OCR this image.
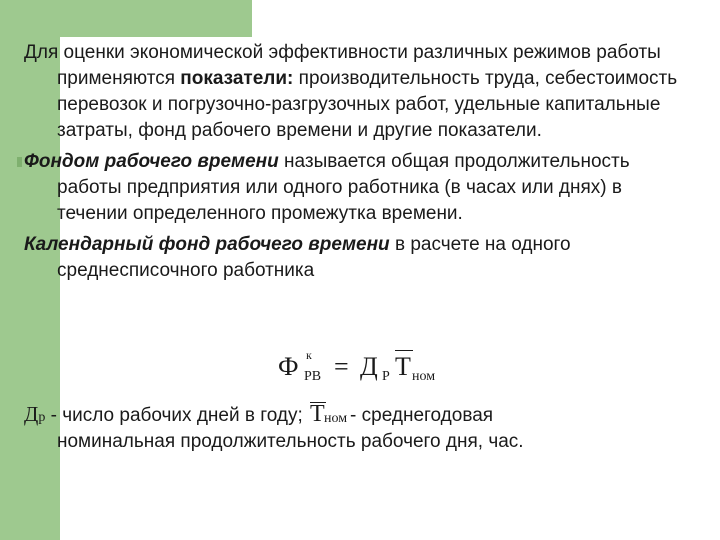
Для оценки экономической эффективности различных режимов работы применяются показатели: производительность труда, себестоимость перевозок и погрузочно-разгрузочных работ, удельные капитальные затраты, фонд рабочего времени и другие показатели.

Фондом рабочего времени называется общая продолжительность работы предприятия или одного работника (в часах или днях) в течении определенного промежутка времени.

Календарный фонд рабочего времени в расчете на одного среднесписочного работника

Ф к
РВ = Д Р T ном
Др - число рабочих дней в году; T ном - среднегодовая
номинальная продолжительность рабочего дня, час.
